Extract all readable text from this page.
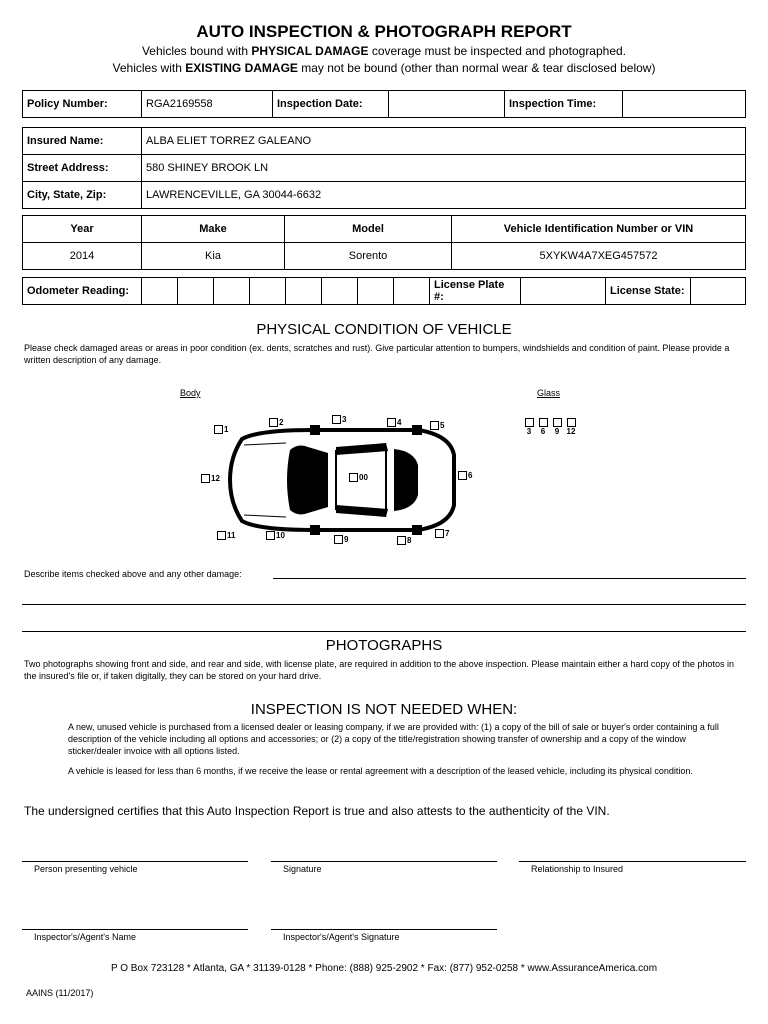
AUTO INSPECTION & PHOTOGRAPH REPORT
Vehicles bound with PHYSICAL DAMAGE coverage must be inspected and photographed.
Vehicles with EXISTING DAMAGE may not be bound (other than normal wear & tear disclosed below)
Policy Number:	RGA2169558	Inspection Date:		Inspection Time:	
Insured Name:	ALBA ELIET TORREZ GALEANO
Street Address:	580 SHINEY BROOK LN
City, State, Zip:	LAWRENCEVILLE, GA 30044-6632
Year	Make	Model	Vehicle Identification Number or VIN
2014	Kia	Sorento	5XYKW4A7XEG457572
Odometer Reading:									License Plate #:		License State:	
PHYSICAL CONDITION OF VEHICLE
Please check damaged areas or areas in poor condition (ex. dents, scratches and rust). Give particular attention to bumpers, windshields and condition of paint. Please provide a written description of any damage.
Body	Glass
1
2	3	4	5
6
7
8
9
10
11
12	00
3 6 9 12
Describe items checked above and any other damage:
PHOTOGRAPHS
Two photographs showing front and side, and rear and side, with license plate, are required in addition to the above inspection. Please maintain either a hard copy of the photos in the insured's file or, if taken digitally, they can be stored on your hard drive.
INSPECTION IS NOT NEEDED WHEN:
A new, unused vehicle is purchased from a licensed dealer or leasing company, if we are provided with: (1) a copy of the bill of sale or buyer's order containing a full description of the vehicle including all options and accessories; or (2) a copy of the title/registration showing transfer of ownership and a copy of the window sticker/dealer invoice with all options listed.
A vehicle is leased for less than 6 months, if we receive the lease or rental agreement with a description of the leased vehicle, including its physical condition.
The undersigned certifies that this Auto Inspection Report is true and also attests to the authenticity of the VIN.
Person presenting vehicle	Signature	Relationship to Insured
Inspector's/Agent's Name	Inspector's/Agent's Signature
P O Box 723128 * Atlanta, GA * 31139-0128 * Phone: (888) 925-2902 * Fax: (877) 952-0258 * www.AssuranceAmerica.com
AAINS (11/2017)
